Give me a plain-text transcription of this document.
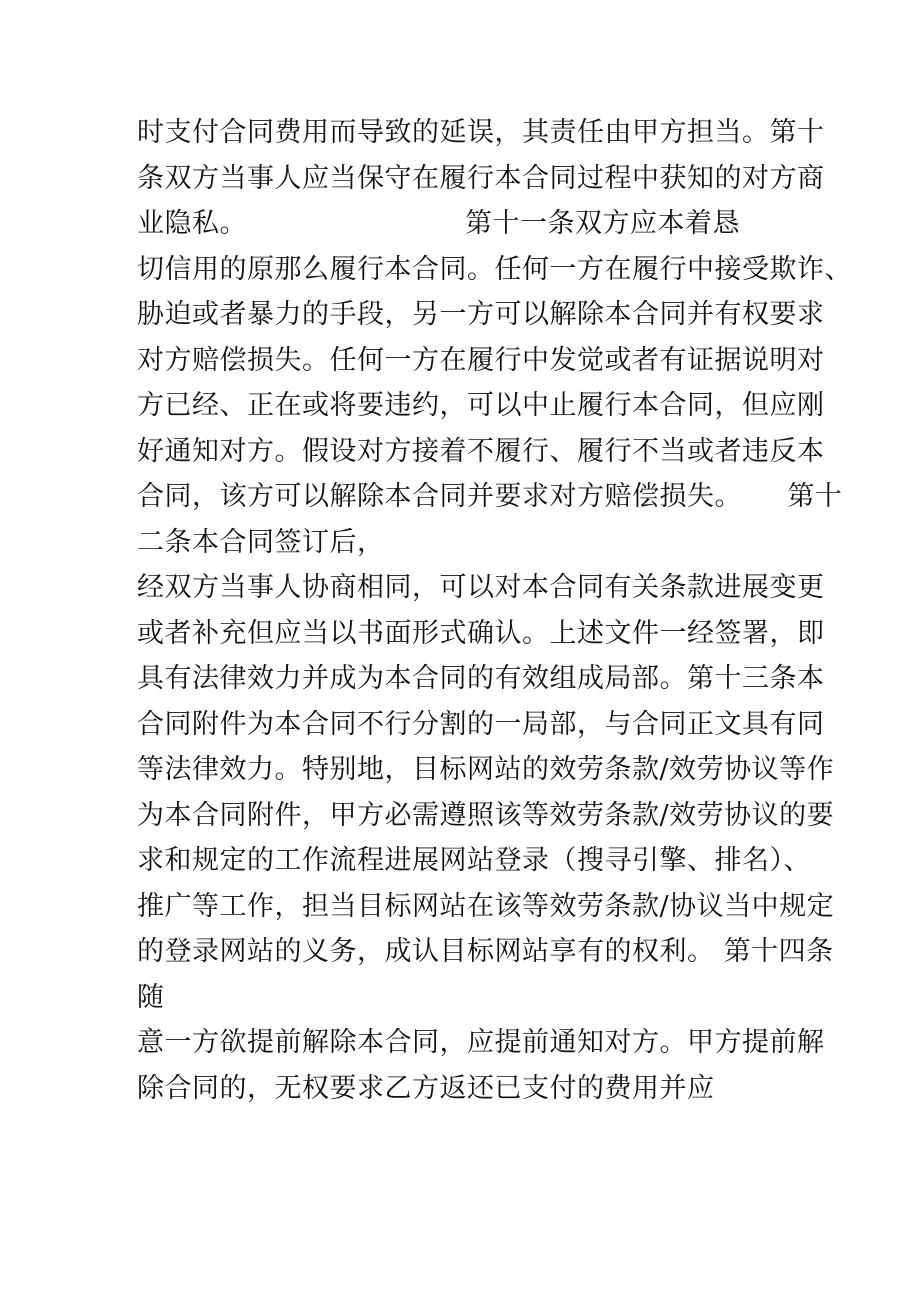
时支付合同费用而导致的延误，其责任由甲方担当。第十
条双方当事人应当保守在履行本合同过程中获知的对方商
业隐私。                        第十一条双方应本着恳
切信用的原那么履行本合同。任何一方在履行中接受欺诈、
胁迫或者暴力的手段，另一方可以解除本合同并有权要求
对方赔偿损失。任何一方在履行中发觉或者有证据说明对
方已经、正在或将要违约，可以中止履行本合同，但应刚
好通知对方。假设对方接着不履行、履行不当或者违反本
合同，该方可以解除本合同并要求对方赔偿损失。     第十
二条本合同签订后，
经双方当事人协商相同，可以对本合同有关条款进展变更
或者补充但应当以书面形式确认。上述文件一经签署，即
具有法律效力并成为本合同的有效组成局部。第十三条本
合同附件为本合同不行分割的一局部，与合同正文具有同
等法律效力。特别地，目标网站的效劳条款/效劳协议等作
为本合同附件，甲方必需遵照该等效劳条款/效劳协议的要
求和规定的工作流程进展网站登录（搜寻引擎、排名）、
推广等工作，担当目标网站在该等效劳条款/协议当中规定
的登录网站的义务，成认目标网站享有的权利。 第十四条
随
意一方欲提前解除本合同，应提前通知对方。甲方提前解
除合同的，无权要求乙方返还已支付的费用并应
